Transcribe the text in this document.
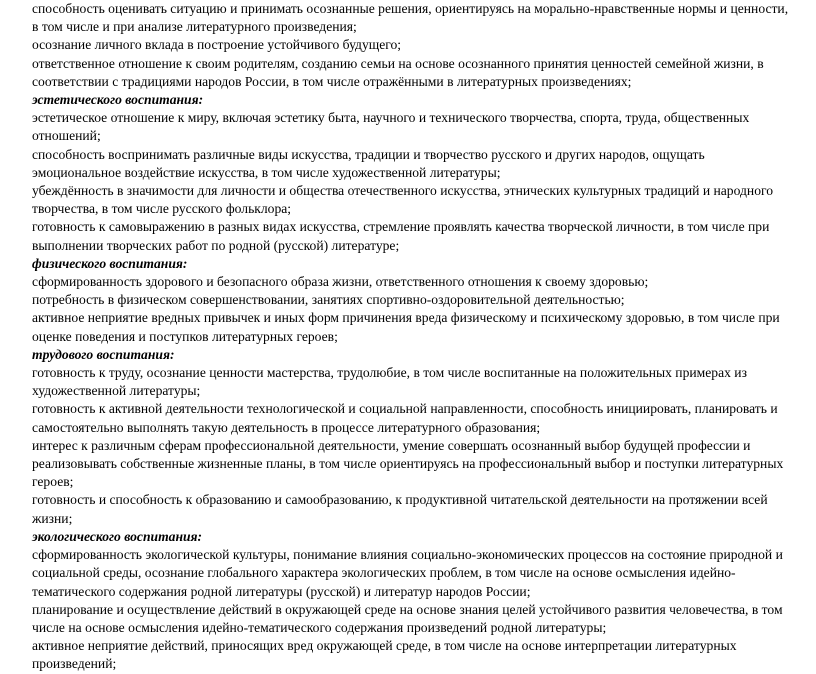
способность оценивать ситуацию и принимать осознанные решения, ориентируясь на морально-нравственные нормы и ценности, в том числе и при анализе литературного произведения;

осознание личного вклада в построение устойчивого будущего;

ответственное отношение к своим родителям, созданию семьи на основе осознанного принятия ценностей семейной жизни, в соответствии с традициями народов России, в том числе отражёнными в литературных произведениях;

эстетического воспитания:

эстетическое отношение к миру, включая эстетику быта, научного и технического творчества, спорта, труда, общественных отношений;

способность воспринимать различные виды искусства, традиции и творчество русского и других народов, ощущать эмоциональное воздействие искусства, в том числе художественной литературы;

убеждённость в значимости для личности и общества отечественного искусства, этнических культурных традиций и народного творчества, в том числе русского фольклора;

готовность к самовыражению в разных видах искусства, стремление проявлять качества творческой личности, в том числе при выполнении творческих работ по родной (русской) литературе;

физического воспитания:

сформированность здорового и безопасного образа жизни, ответственного отношения к своему здоровью;

потребность в физическом совершенствовании, занятиях спортивно-оздоровительной деятельностью;

активное неприятие вредных привычек и иных форм причинения вреда физическому и психическому здоровью, в том числе при оценке поведения и поступков литературных героев;

трудового воспитания:

готовность к труду, осознание ценности мастерства, трудолюбие, в том числе воспитанные на положительных примерах из художественной литературы;

готовность к активной деятельности технологической и социальной направленности, способность инициировать, планировать и самостоятельно выполнять такую деятельность в процессе литературного образования;

интерес к различным сферам профессиональной деятельности, умение совершать осознанный выбор будущей профессии и реализовывать собственные жизненные планы, в том числе ориентируясь на профессиональный выбор и поступки литературных героев;

готовность и способность к образованию и самообразованию, к продуктивной читательской деятельности на протяжении всей жизни;

экологического воспитания:

сформированность экологической культуры, понимание влияния социально-экономических процессов на состояние природной и социальной среды, осознание глобального характера экологических проблем, в том числе на основе осмысления идейно-тематического содержания родной литературы (русской) и литератур народов России;

планирование и осуществление действий в окружающей среде на основе знания целей устойчивого развития человечества, в том числе на основе осмысления идейно-тематического содержания произведений родной литературы;

активное неприятие действий, приносящих вред окружающей среде, в том числе на основе интерпретации литературных произведений;
